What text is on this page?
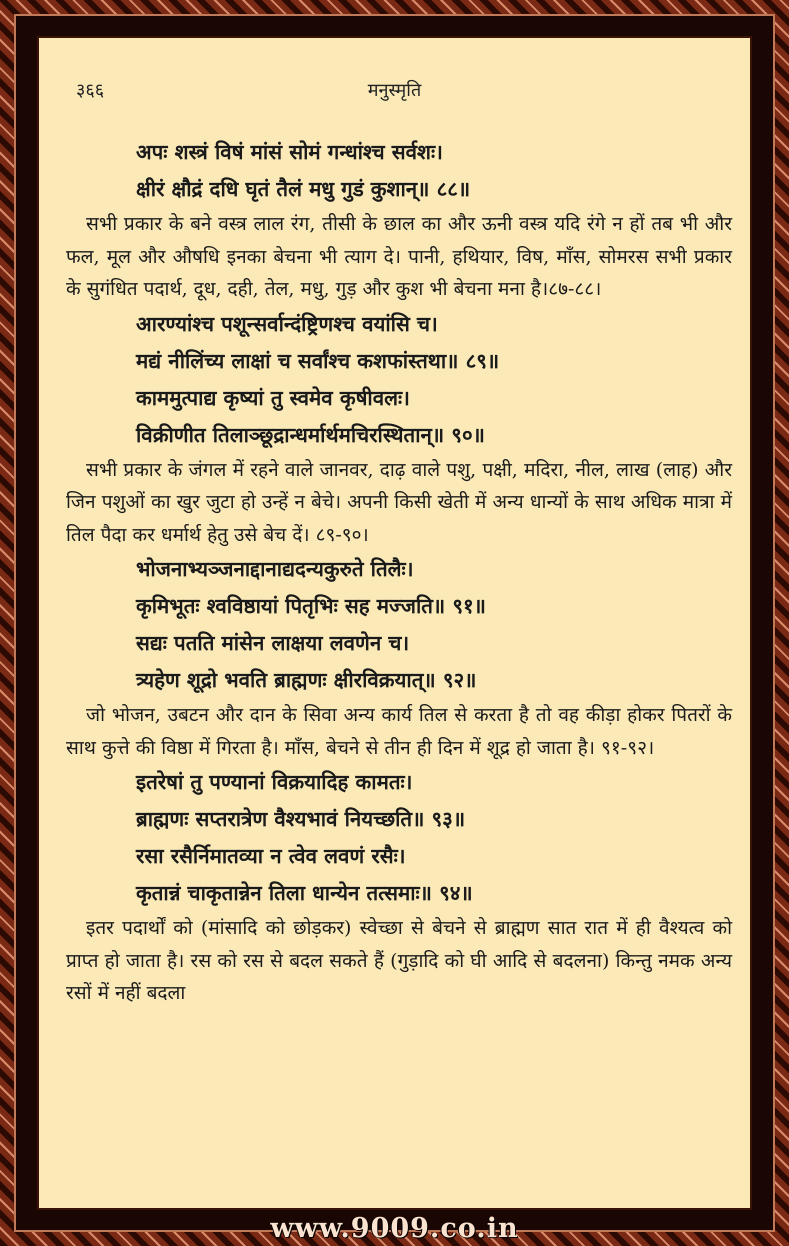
३६६	मनुस्मृति
अपः शस्त्रं विषं मांसं सोमं गन्धांश्च सर्वशः।
क्षीरं क्षौद्रं दधि घृतं तैलं मधु गुडं कुशान्॥ ८८॥

सभी प्रकार के बने वस्त्र लाल रंग, तीसी के छाल का और ऊनी वस्त्र यदि रंगे न हों तब भी और फल, मूल और औषधि इनका बेचना भी त्याग दे। पानी, हथियार, विष, माँस, सोमरस सभी प्रकार के सुगंधित पदार्थ, दूध, दही, तेल, मधु, गुड़ और कुश भी बेचना मना है।८७-८८।

आरण्यांश्च पशून्सर्वान्दंष्ट्रिणश्च वयांसि च।
मद्यं नीलिंच्य लाक्षां च सर्वांश्च कशफांस्तथा॥ ८९॥
काममुत्पाद्य कृष्यां तु स्वमेव कृषीवलः।
विक्रीणीत तिलाञ्छूद्रान्धर्मार्थमचिरस्थितान्॥ ९०॥

सभी प्रकार के जंगल में रहने वाले जानवर, दाढ़ वाले पशु, पक्षी, मदिरा, नील, लाख (लाह) और जिन पशुओं का खुर जुटा हो उन्हें न बेचे। अपनी किसी खेती में अन्य धान्यों के साथ अधिक मात्रा में तिल पैदा कर धर्मार्थ हेतु उसे बेच दें। ८९-९०।

भोजनाभ्यञ्जनाद्दानाद्यदन्यकुरुते तिलैः।
कृमिभूतः श्वविष्ठायां पितृभिः सह मज्जति॥ ९१॥
सद्यः पतति मांसेन लाक्षया लवणेन च।
त्र्यहेण शूद्रो भवति ब्राह्मणः क्षीरविक्रयात्॥ ९२॥

जो भोजन, उबटन और दान के सिवा अन्य कार्य तिल से करता है तो वह कीड़ा होकर पितरों के साथ कुत्ते की विष्ठा में गिरता है। माँस, बेचने से तीन ही दिन में शूद्र हो जाता है। ९१-९२।

इतरेषां तु पण्यानां विक्रयादिह कामतः।
ब्राह्मणः सप्तरात्रेण वैश्यभावं नियच्छति॥ ९३॥
रसा रसैर्निमातव्या न त्वेव लवणं रसैः।
कृतान्नं चाकृतान्नेन तिला धान्येन तत्समाः॥ ९४॥

इतर पदार्थों को (मांसादि को छोड़कर) स्वेच्छा से बेचने से ब्राह्मण सात रात में ही वैश्यत्व को प्राप्त हो जाता है। रस को रस से बदल सकते हैं (गुड़ादि को घी आदि से बदलना) किन्तु नमक अन्य रसों में नहीं बदला

www.9009.co.in
